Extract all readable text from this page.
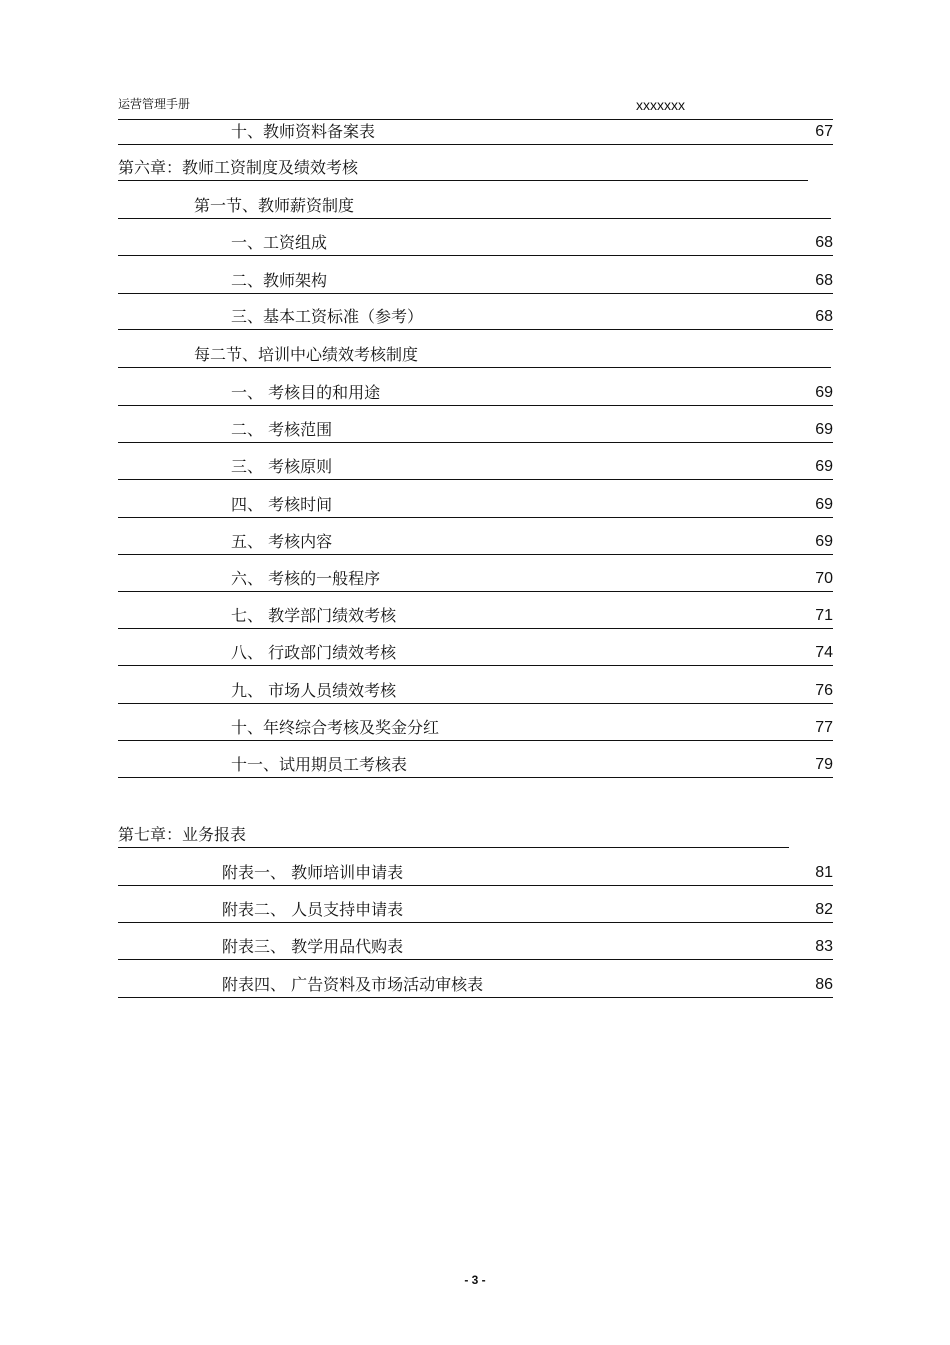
运营管理手册	xxxxxxx
十、教师资料备案表	67
第六章：教师工资制度及绩效考核
第一节、教师薪资制度
一、工资组成	68
二、教师架构	68
三、基本工资标准（参考）	68
每二节、培训中心绩效考核制度
一、 考核目的和用途	69
二、 考核范围	69
三、 考核原则	69
四、 考核时间	69
五、 考核内容	69
六、 考核的一般程序	70
七、 教学部门绩效考核	71
八、 行政部门绩效考核	74
九、 市场人员绩效考核	76
十、年终综合考核及奖金分红	77
十一、试用期员工考核表	79
第七章：业务报表
附表一、 教师培训申请表	81
附表二、 人员支持申请表	82
附表三、 教学用品代购表	83
附表四、 广告资料及市场活动审核表	86
- 3 -
